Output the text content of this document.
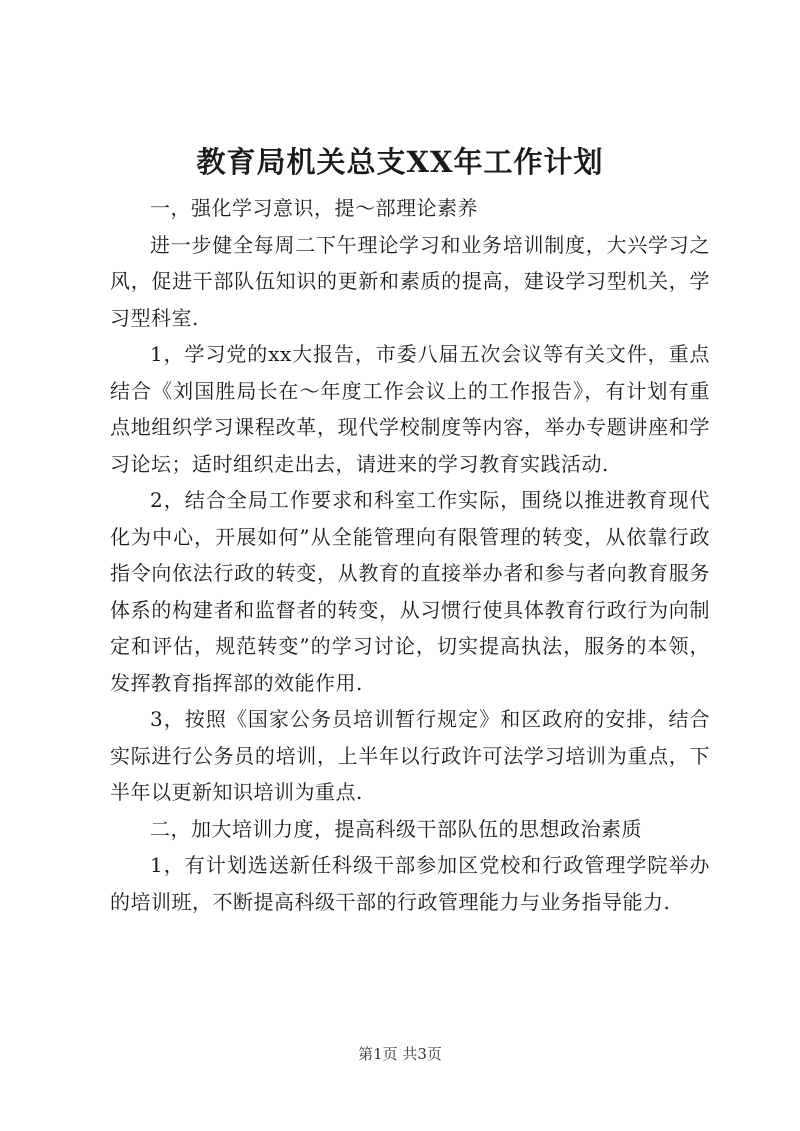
教育局机关总支XX年工作计划

一，强化学习意识，提～部理论素养

进一步健全每周二下午理论学习和业务培训制度，大兴学习之风，促进干部队伍知识的更新和素质的提高，建设学习型机关，学习型科室.

1，学习党的xx大报告，市委八届五次会议等有关文件，重点结合《刘国胜局长在～年度工作会议上的工作报告》，有计划有重点地组织学习课程改革，现代学校制度等内容，举办专题讲座和学习论坛；适时组织走出去，请进来的学习教育实践活动.

2，结合全局工作要求和科室工作实际，围绕以推进教育现代化为中心，开展如何”从全能管理向有限管理的转变，从依靠行政指令向依法行政的转变，从教育的直接举办者和参与者向教育服务体系的构建者和监督者的转变，从习惯行使具体教育行政行为向制定和评估，规范转变”的学习讨论，切实提高执法，服务的本领，发挥教育指挥部的效能作用.

3，按照《国家公务员培训暂行规定》和区政府的安排，结合实际进行公务员的培训，上半年以行政许可法学习培训为重点，下半年以更新知识培训为重点.

二，加大培训力度，提高科级干部队伍的思想政治素质

1，有计划选送新任科级干部参加区党校和行政管理学院举办的培训班，不断提高科级干部的行政管理能力与业务指导能力.

第1页 共3页
